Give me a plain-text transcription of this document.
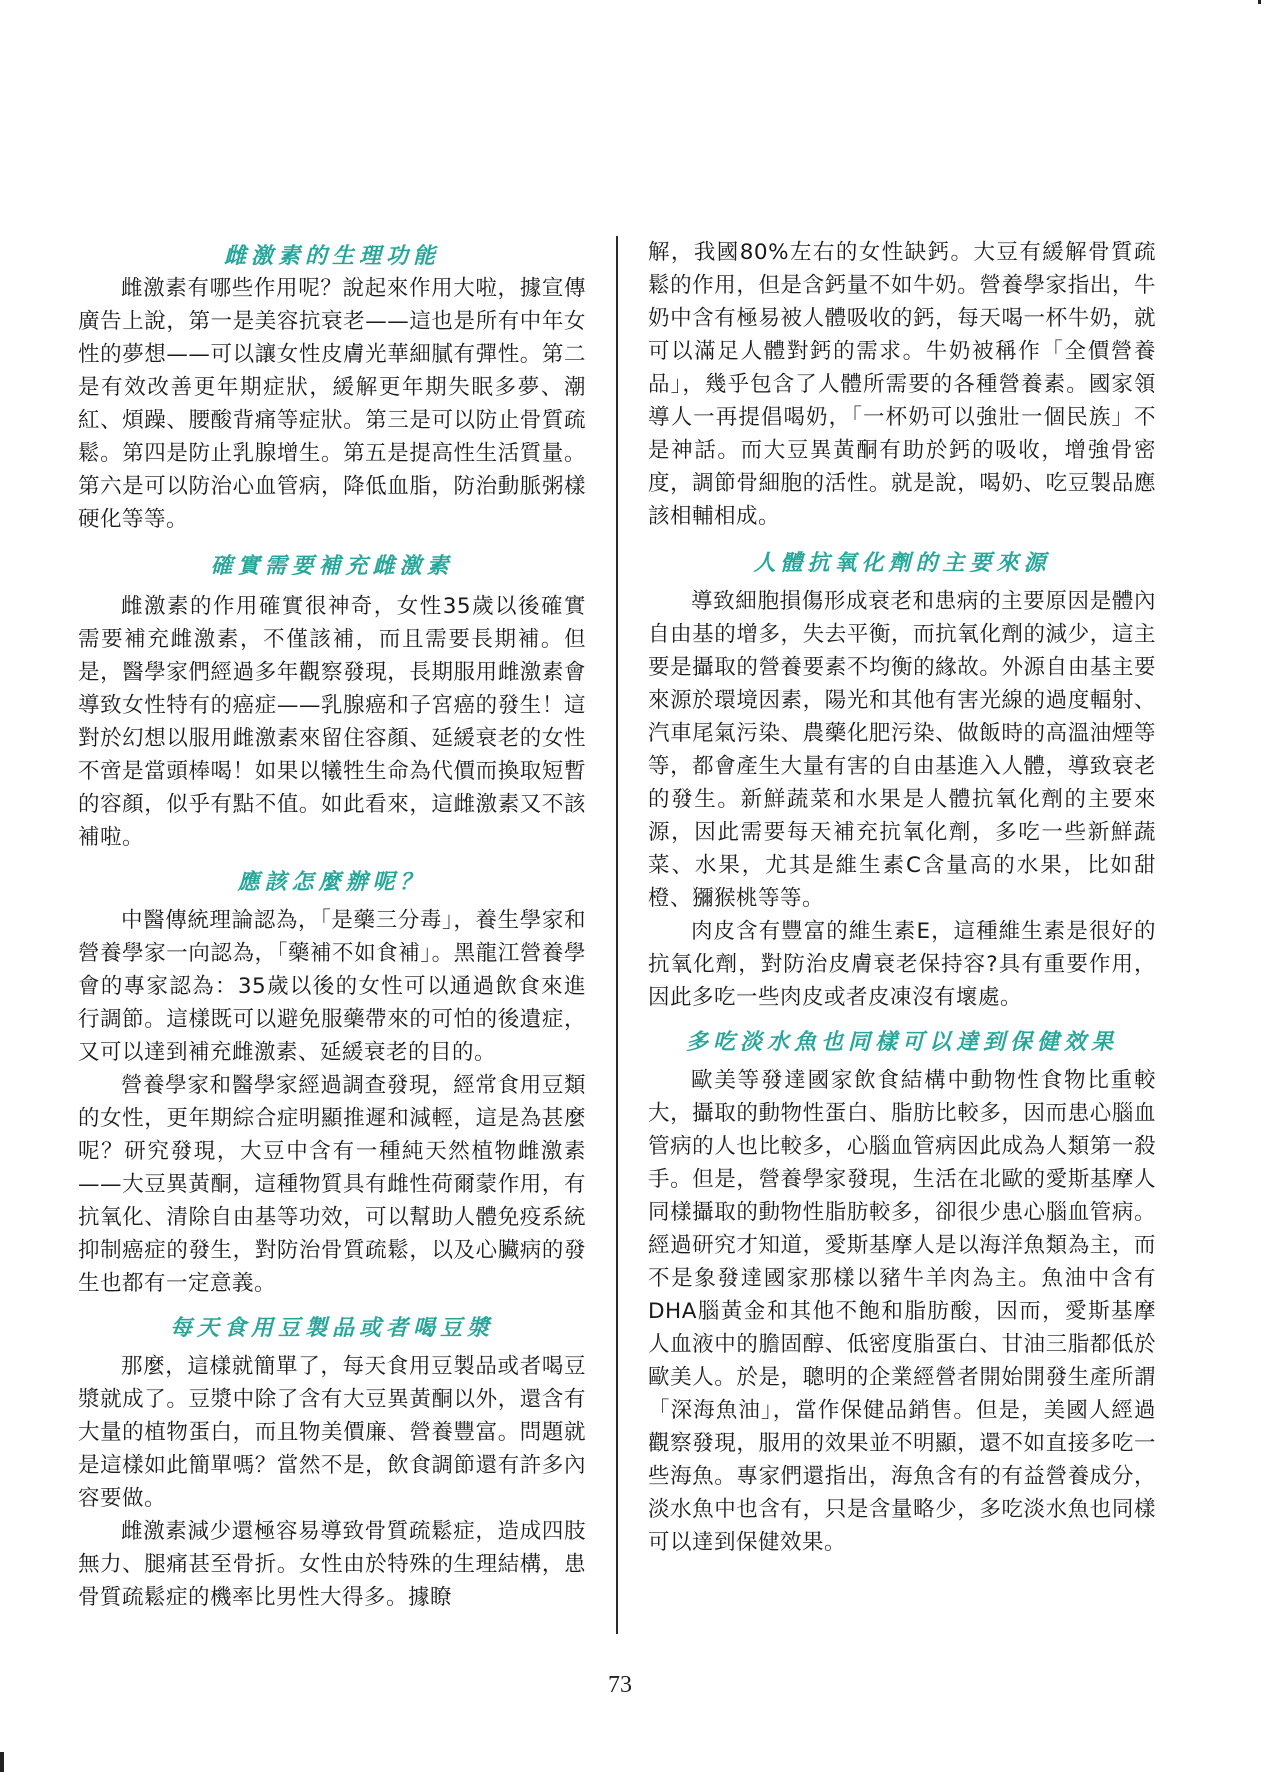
雌激素的生理功能

雌激素有哪些作用呢？說起來作用大啦，據宣傳廣告上說，第一是美容抗衰老——這也是所有中年女性的夢想——可以讓女性皮膚光華細膩有彈性。第二是有效改善更年期症狀，緩解更年期失眠多夢、潮紅、煩躁、腰酸背痛等症狀。第三是可以防止骨質疏鬆。第四是防止乳腺增生。第五是提高性生活質量。第六是可以防治心血管病，降低血脂，防治動脈粥樣硬化等等。

確實需要補充雌激素

雌激素的作用確實很神奇，女性35歲以後確實需要補充雌激素，不僅該補，而且需要長期補。但是，醫學家們經過多年觀察發現，長期服用雌激素會導致女性特有的癌症——乳腺癌和子宮癌的發生！這對於幻想以服用雌激素來留住容顏、延緩衰老的女性不啻是當頭棒喝！如果以犧牲生命為代價而換取短暫的容顏，似乎有點不值。如此看來，這雌激素又不該補啦。

應該怎麼辦呢？

中醫傳統理論認為，「是藥三分毒」，養生學家和營養學家一向認為，「藥補不如食補」。黑龍江營養學會的專家認為：35歲以後的女性可以通過飲食來進行調節。這樣既可以避免服藥帶來的可怕的後遺症，又可以達到補充雌激素、延緩衰老的目的。

營養學家和醫學家經過調查發現，經常食用豆類的女性，更年期綜合症明顯推遲和減輕，這是為甚麼呢？研究發現，大豆中含有一種純天然植物雌激素——大豆異黃酮，這種物質具有雌性荷爾蒙作用，有抗氧化、清除自由基等功效，可以幫助人體免疫系統抑制癌症的發生，對防治骨質疏鬆，以及心臟病的發生也都有一定意義。

每天食用豆製品或者喝豆漿

那麼，這樣就簡單了，每天食用豆製品或者喝豆漿就成了。豆漿中除了含有大豆異黃酮以外，還含有大量的植物蛋白，而且物美價廉、營養豐富。問題就是這樣如此簡單嗎？當然不是，飲食調節還有許多內容要做。

雌激素減少還極容易導致骨質疏鬆症，造成四肢無力、腿痛甚至骨折。女性由於特殊的生理結構，患骨質疏鬆症的機率比男性大得多。據瞭

解，我國80%左右的女性缺鈣。大豆有緩解骨質疏鬆的作用，但是含鈣量不如牛奶。營養學家指出，牛奶中含有極易被人體吸收的鈣，每天喝一杯牛奶，就可以滿足人體對鈣的需求。牛奶被稱作「全價營養品」，幾乎包含了人體所需要的各種營養素。國家領導人一再提倡喝奶，「一杯奶可以強壯一個民族」不是神話。而大豆異黃酮有助於鈣的吸收，增強骨密度，調節骨細胞的活性。就是說，喝奶、吃豆製品應該相輔相成。

人體抗氧化劑的主要來源

導致細胞損傷形成衰老和患病的主要原因是體內自由基的增多，失去平衡，而抗氧化劑的減少，這主要是攝取的營養要素不均衡的緣故。外源自由基主要來源於環境因素，陽光和其他有害光線的過度輻射、汽車尾氣污染、農藥化肥污染、做飯時的高溫油煙等等，都會產生大量有害的自由基進入人體，導致衰老的發生。新鮮蔬菜和水果是人體抗氧化劑的主要來源，因此需要每天補充抗氧化劑，多吃一些新鮮蔬菜、水果，尤其是維生素C含量高的水果，比如甜橙、獼猴桃等等。

肉皮含有豐富的維生素E，這種維生素是很好的抗氧化劑，對防治皮膚衰老保持容?具有重要作用，因此多吃一些肉皮或者皮凍沒有壞處。

多吃淡水魚也同樣可以達到保健效果

歐美等發達國家飲食結構中動物性食物比重較大，攝取的動物性蛋白、脂肪比較多，因而患心腦血管病的人也比較多，心腦血管病因此成為人類第一殺手。但是，營養學家發現，生活在北歐的愛斯基摩人同樣攝取的動物性脂肪較多，卻很少患心腦血管病。經過研究才知道，愛斯基摩人是以海洋魚類為主，而不是象發達國家那樣以豬牛羊肉為主。魚油中含有DHA腦黃金和其他不飽和脂肪酸，因而，愛斯基摩人血液中的膽固醇、低密度脂蛋白、甘油三脂都低於歐美人。於是，聰明的企業經營者開始開發生產所謂「深海魚油」，當作保健品銷售。但是，美國人經過觀察發現，服用的效果並不明顯，還不如直接多吃一些海魚。專家們還指出，海魚含有的有益營養成分，淡水魚中也含有，只是含量略少，多吃淡水魚也同樣可以達到保健效果。

73
